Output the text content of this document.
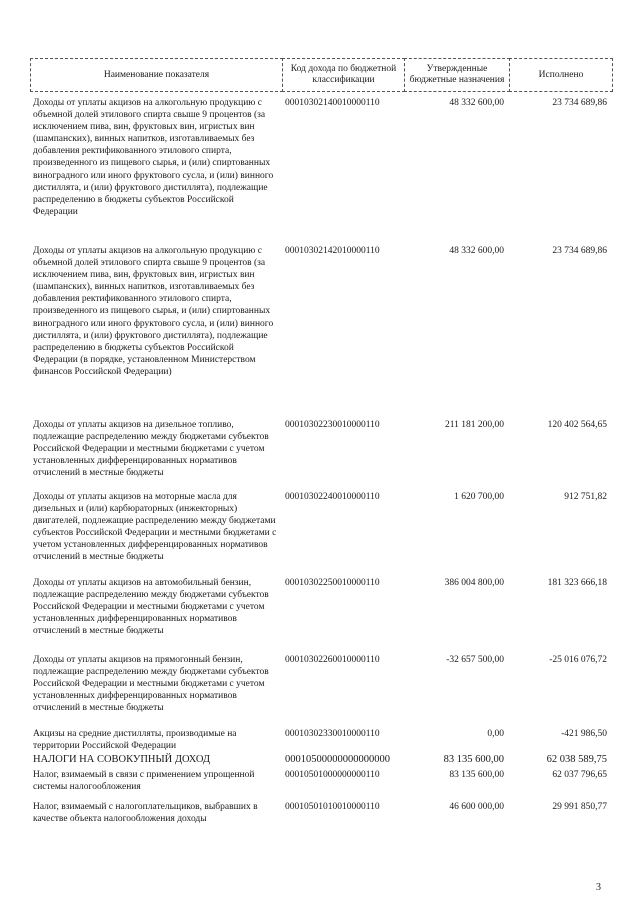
Наименование показателя
Код дохода по бюджетной классификации
Утвержденные бюджетные назначения
Исполнено
Доходы от уплаты акцизов на алкогольную продукцию с объемной долей этилового спирта свыше 9 процентов (за исключением пива, вин, фруктовых вин, игристых вин (шампанских), винных напитков, изготавливаемых без добавления ректификованного этилового спирта, произведенного из пищевого сырья, и (или) спиртованных виноградного или иного фруктового сусла, и (или) винного дистиллята, и (или) фруктового дистиллята), подлежащие распределению в бюджеты субъектов Российской Федерации
00010302140010000110	48 332 600,00	23 734 689,86
Доходы от уплаты акцизов на алкогольную продукцию с объемной долей этилового спирта свыше 9 процентов (за исключением пива, вин, фруктовых вин, игристых вин (шампанских), винных напитков, изготавливаемых без добавления ректификованного этилового спирта, произведенного из пищевого сырья, и (или) спиртованных виноградного или иного фруктового сусла, и (или) винного дистиллята, и (или) фруктового дистиллята), подлежащие распределению в бюджеты субъектов Российской Федерации (в порядке, установленном Министерством финансов Российской Федерации)
00010302142010000110	48 332 600,00	23 734 689,86
Доходы от уплаты акцизов на дизельное топливо, подлежащие распределению между бюджетами субъектов Российской Федерации и местными бюджетами с учетом установленных дифференцированных нормативов отчислений в местные бюджеты
00010302230010000110	211 181 200,00	120 402 564,65
Доходы от уплаты акцизов на моторные масла для дизельных и (или) карбюраторных (инжекторных) двигателей, подлежащие распределению между бюджетами субъектов Российской Федерации и местными бюджетами с учетом установленных дифференцированных нормативов отчислений в местные бюджеты
00010302240010000110	1 620 700,00	912 751,82
Доходы от уплаты акцизов на автомобильный бензин, подлежащие распределению между бюджетами субъектов Российской Федерации и местными бюджетами с учетом установленных дифференцированных нормативов отчислений в местные бюджеты
00010302250010000110	386 004 800,00	181 323 666,18
Доходы от уплаты акцизов на прямогонный бензин, подлежащие распределению между бюджетами субъектов Российской Федерации и местными бюджетами с учетом установленных дифференцированных нормативов отчислений в местные бюджеты
00010302260010000110	-32 657 500,00	-25 016 076,72
Акцизы на средние дистилляты, производимые на территории Российской Федерации
00010302330010000110	0,00	-421 986,50
НАЛОГИ НА СОВОКУПНЫЙ ДОХОД	00010500000000000000	83 135 600,00	62 038 589,75
Налог, взимаемый в связи с применением упрощенной системы налогообложения
00010501000000000110	83 135 600,00	62 037 796,65
Налог, взимаемый с налогоплательщиков, выбравших в качестве объекта налогообложения доходы
00010501010010000110	46 600 000,00	29 991 850,77
3
